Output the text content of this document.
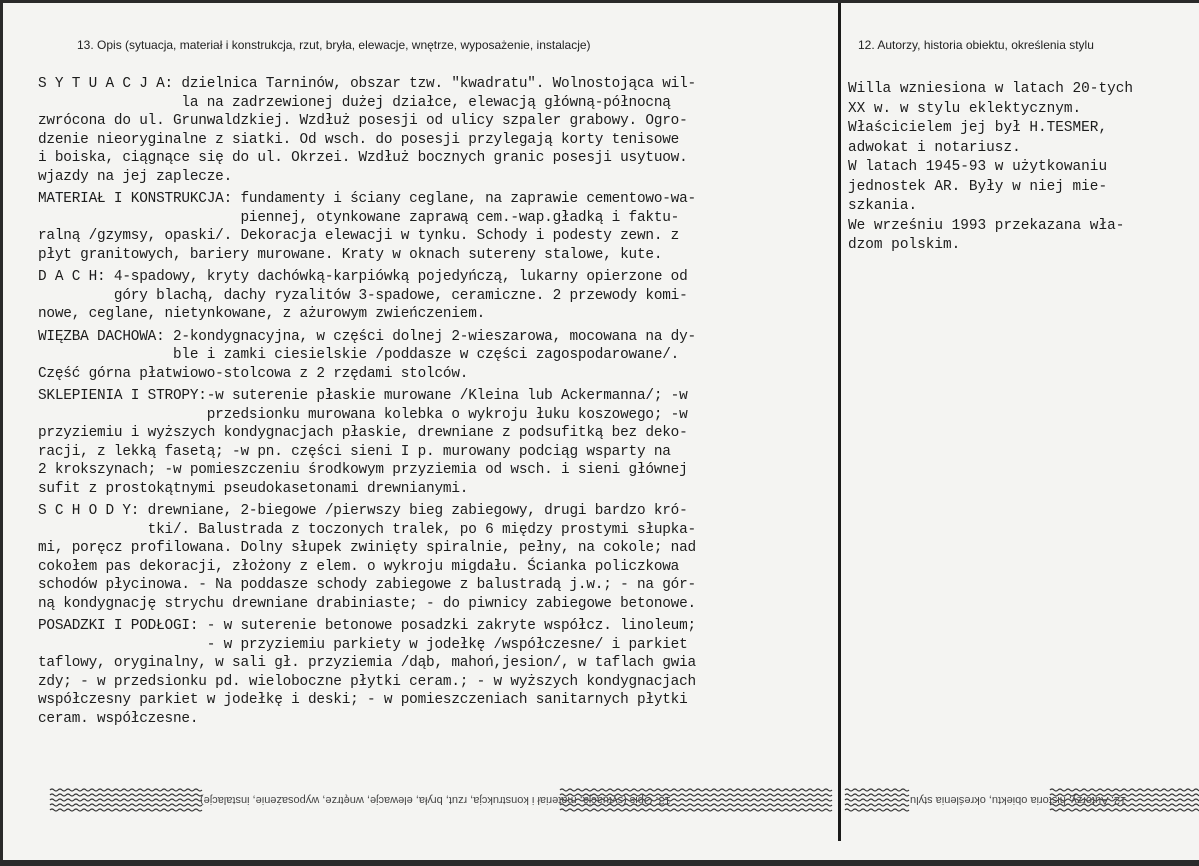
13. Opis (sytuacja, materiał i konstrukcja, rzut, bryła, elewacje, wnętrze, wyposażenie, instalacje)	12. Autorzy, historia obiektu, określenia stylu
S Y T U A C J A: dzielnica Tarninów, obszar tzw. "kwadratu". Wolnostojąca wil-
la na zadrzewionej dużej działce, elewacją główną-północną
zwrócona do ul. Grunwaldzkiej. Wzdłuż posesji od ulicy szpaler grabowy. Ogro-
dzenie nieoryginalne z siatki. Od wsch. do posesji przylegają korty tenisowe
i boiska, ciągnące się do ul. Okrzei. Wzdłuż bocznych granic posesji usytuow.
wjazdy na jej zaplecze.
MATERIAŁ I KONSTRUKCJA: fundamenty i ściany ceglane, na zaprawie cementowo-wa-
piennej, otynkowane zaprawą cem.-wap.gładką i faktu-
ralną /gzymsy, opaski/. Dekoracja elewacji w tynku. Schody i podesty zewn. z
płyt granitowych, bariery murowane. Kraty w oknach sutereny stalowe, kute.
D A C H: 4-spadowy, kryty dachówką-karpiówką pojedyńczą, lukarny opierzone od
góry blachą, dachy ryzalitów 3-spadowe, ceramiczne. 2 przewody komi-
nowe, ceglane, nietynkowane, z ażurowym zwieńczeniem.
WIĘZBA DACHOWA: 2-kondygnacyjna, w części dolnej 2-wieszarowa, mocowana na dy-
ble i zamki ciesielskie /poddasze w części zagospodarowane/.
Część górna płatwiowo-stolcowa z 2 rzędami stolców.
SKLEPIENIA I STROPY:-w suterenie płaskie murowane /Kleina lub Ackermanna/; -w
przedsionku murowana kolebka o wykroju łuku koszowego; -w
przyziemiu i wyższych kondygnacjach płaskie, drewniane z podsufitką bez deko-
racji, z lekką fasetą; -w pn. części sieni I p. murowany podciąg wsparty na
2 krokszynach; -w pomieszczeniu środkowym przyziemia od wsch. i sieni głównej
sufit z prostokątnymi pseudokasetonami drewnianymi.
S C H O D Y: drewniane, 2-biegowe /pierwszy bieg zabiegowy, drugi bardzo kró-
tki/. Balustrada z toczonych tralek, po 6 między prostymi słupka-
mi, poręcz profilowana. Dolny słupek zwinięty spiralnie, pełny, na cokole; nad
cokołem pas dekoracji, złożony z elem. o wykroju migdału. Ścianka policzkowa
schodów płycinowa. - Na poddasze schody zabiegowe z balustradą j.w.; - na gór-
ną kondygnację strychu drewniane drabiniaste; - do piwnicy zabiegowe betonowe.
POSADZKI I PODŁOGI: - w suterenie betonowe posadzki zakryte współcz. linoleum;
- w przyziemiu parkiety w jodełkę /współczesne/ i parkiet
taflowy, oryginalny, w sali gł. przyziemia /dąb, mahoń,jesion/, w taflach gwia
zdy; - w przedsionku pd. wieloboczne płytki ceram.; - w wyższych kondygnacjach
współczesny parkiet w jodełkę i deski; - w pomieszczeniach sanitarnych płytki
ceram. współczesne.
Willa wzniesiona w latach 20-tych
XX w. w stylu eklektycznym.
Właścicielem jej był H.TESMER,
adwokat i notariusz.
W latach 1945-93 w użytkowaniu
jednostek AR. Były w niej mie-
szkania.
We wrześniu 1993 przekazana wła-
dzom polskim.
13. Opis (sytuacja, materiał i konstrukcja, rzut, bryła, elewacje, wnętrze, wyposażenie, instalacje)	12. Autorzy, historia obiektu, określenia stylu
